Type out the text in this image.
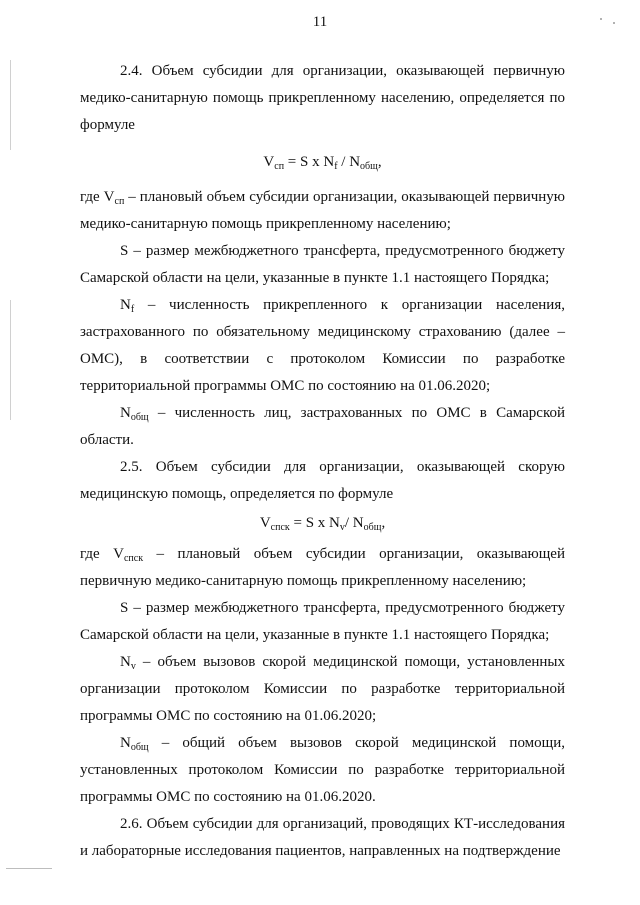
11

2.4. Объем субсидии для организации, оказывающей первичную медико-санитарную помощь прикрепленному населению, определяется по формуле

$V_{сп} = S$ x $N_f / N_{общ}$,

где $V_{сп}$ – плановый объем субсидии организации, оказывающей первичную медико-санитарную помощь прикрепленному населению;

S – размер межбюджетного трансферта, предусмотренного бюджету Самарской области на цели, указанные в пункте 1.1 настоящего Порядка;

$N_f$ – численность прикрепленного к организации населения, застрахованного по обязательному медицинскому страхованию (далее – ОМС), в соответствии с протоколом Комиссии по разработке территориальной программы ОМС по состоянию на 01.06.2020;

$N_{общ}$ – численность лиц, застрахованных по ОМС в Самарской области.

2.5. Объем субсидии для организации, оказывающей скорую медицинскую помощь, определяется по формуле

$V_{спск} = S$ x $N_v/$ $N_{общ}$,

где $V_{спск}$ – плановый объем субсидии организации, оказывающей первичную медико-санитарную помощь прикрепленному населению;

S – размер межбюджетного трансферта, предусмотренного бюджету Самарской области на цели, указанные в пункте 1.1 настоящего Порядка;

$N_v$ – объем вызовов скорой медицинской помощи, установленных организации протоколом Комиссии по разработке территориальной программы ОМС по состоянию на 01.06.2020;

$N_{общ}$ – общий объем вызовов скорой медицинской помощи, установленных протоколом Комиссии по разработке территориальной программы ОМС по состоянию на 01.06.2020.

2.6. Объем субсидии для организаций, проводящих КТ-исследования и лабораторные исследования пациентов, направленных на подтверждение
